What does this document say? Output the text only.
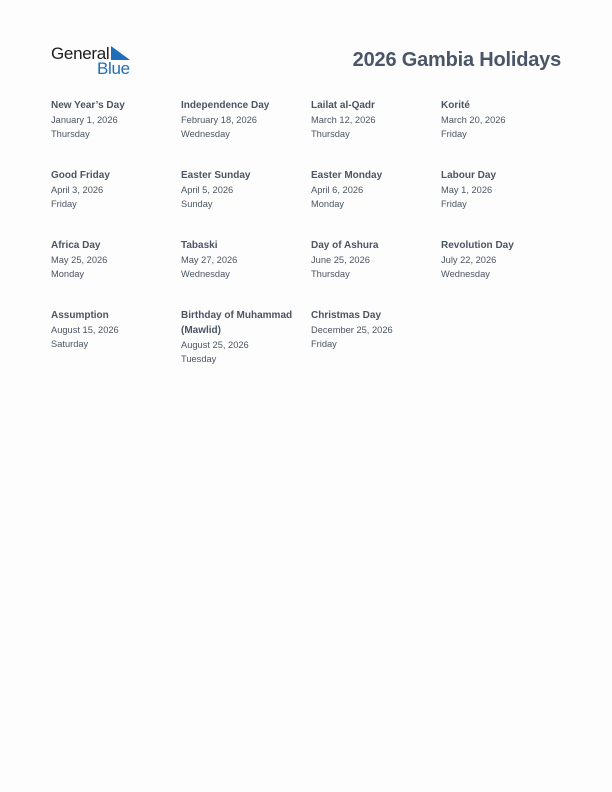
General
Blue	2026 Gambia Holidays
New Year’s Day
January 1, 2026
Thursday
Independence Day
February 18, 2026
Wednesday
Lailat al-Qadr
March 12, 2026
Thursday
Korité
March 20, 2026
Friday
Good Friday
April 3, 2026
Friday
Easter Sunday
April 5, 2026
Sunday
Easter Monday
April 6, 2026
Monday
Labour Day
May 1, 2026
Friday
Africa Day
May 25, 2026
Monday
Tabaski
May 27, 2026
Wednesday
Day of Ashura
June 25, 2026
Thursday
Revolution Day
July 22, 2026
Wednesday
Assumption
August 15, 2026
Saturday
Birthday of Muhammad (Mawlid)
August 25, 2026
Tuesday
Christmas Day
December 25, 2026
Friday
